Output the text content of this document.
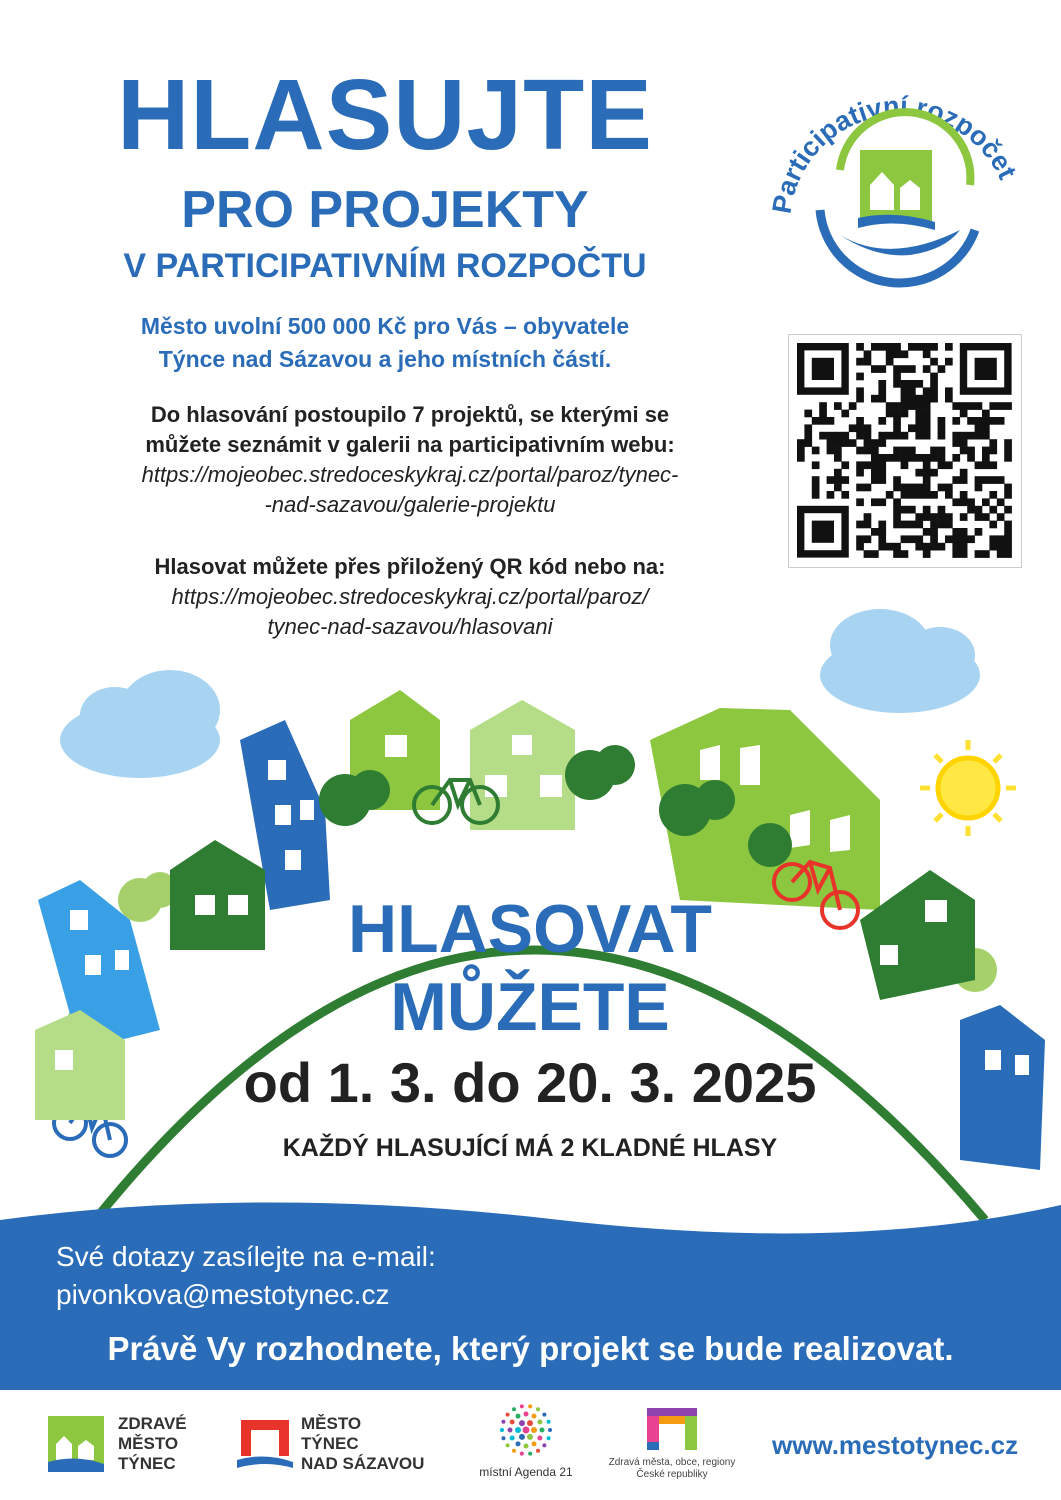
HLASUJTE
PRO PROJEKTY
V PARTICIPATIVNÍM ROZPOČTU
Město uvolní 500 000 Kč pro Vás – obyvatele
Týnce nad Sázavou a jeho místních částí.
Do hlasování postoupilo 7 projektů, se kterými se
můžete seznámit v galerii na participativním webu:
https://mojeobec.stredoceskykraj.cz/portal/paroz/tynec-
-nad-sazavou/galerie-projektu
Hlasovat můžete přes přiložený QR kód nebo na:
https://mojeobec.stredoceskykraj.cz/portal/paroz/
tynec-nad-sazavou/hlasovani
Participativní rozpočet
HLASOVAT
MŮŽETE
od 1. 3. do 20. 3. 2025
KAŽDÝ HLASUJÍCÍ MÁ 2 KLADNÉ HLASY
Své dotazy zasílejte na e-mail:
pivonkova@mestotynec.cz
Právě Vy rozhodnete, který projekt se bude realizovat.
ZDRAVÉ
MĚSTO
TÝNEC
MĚSTO
TÝNEC
NAD SÁZAVOU	místní Agenda 21
Zdravá města, obce, regiony
České republiky
www.mestotynec.cz
